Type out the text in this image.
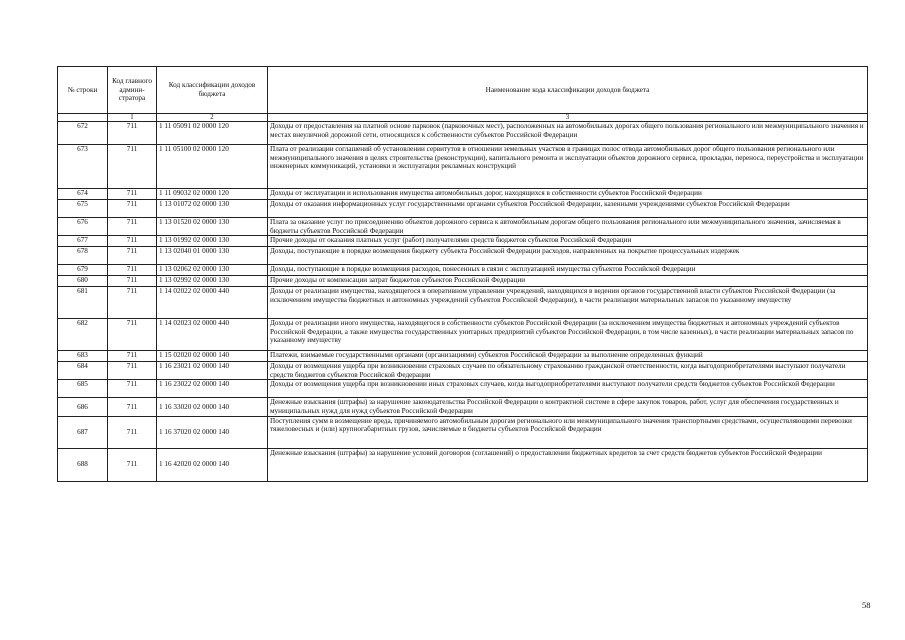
№ строки	Код главного админи-стратора	Код классификации доходов бюджета	Наименование кода классификации доходов бюджета
	1	2	3
672	711	1 11 05091 02 0000 120	Доходы от предоставления на платной основе парковок (парковочных мест), расположенных на автомобильных дорогах общего пользования регионального или межмуниципального значения и местах внеуличной дорожной сети, относящихся к собственности субъектов Российской Федерации
673	711	1 11 05100 02 0000 120	Плата от реализации соглашений об установлении сервитутов в отношении земельных участков в границах полос отвода автомобильных дорог общего пользования регионального или межмуниципального значения в целях строительства (реконструкции), капитального ремонта и эксплуатации объектов дорожного сервиса, прокладки, переноса, переустройства и эксплуатации инженерных коммуникаций, установки и эксплуатации рекламных конструкций
674	711	1 11 09032 02 0000 120	Доходы от эксплуатации и использования имущества автомобильных дорог, находящихся в собственности субъектов Российской Федерации
675	711	1 13 01072 02 0000 130	Доходы от оказания информационных услуг государственными органами субъектов Российской Федерации, казенными учреждениями субъектов Российской Федерации
676	711	1 13 01520 02 0000 130	Плата за оказание услуг по присоединению объектов дорожного сервиса к автомобильным дорогам общего пользования регионального или межмуниципального значения, зачисляемая в бюджеты субъектов Российской Федерации
677	711	1 13 01992 02 0000 130	Прочие доходы от оказания платных услуг (работ) получателями средств бюджетов субъектов Российской Федерации
678	711	1 13 02040 01 0000 130	Доходы, поступающие в порядке возмещения бюджету субъекта Российской Федерации расходов, направленных на покрытие процессуальных издержек
679	711	1 13 02062 02 0000 130	Доходы, поступающие в порядке возмещения расходов, понесенных в связи с эксплуатацией имущества субъектов Российской Федерации
680	711	1 13 02992 02 0000 130	Прочие доходы от компенсации затрат бюджетов субъектов Российской Федерации
681	711	1 14 02022 02 0000 440	Доходы от реализации имущества, находящегося в оперативном управлении учреждений, находящихся в ведении органов государственной власти субъектов Российской Федерации (за исключением имущества бюджетных и автономных учреждений субъектов Российской Федерации), в части реализации материальных запасов по указанному имуществу
682	711	1 14 02023 02 0000 440	Доходы от реализации иного имущества, находящегося в собственности субъектов Российской Федерации (за исключением имущества бюджетных и автономных учреждений субъектов Российской Федерации, а также имущества государственных унитарных предприятий субъектов Российской Федерации, в том числе казенных), в части реализации материальных запасов по указанному имуществу
683	711	1 15 02020 02 0000 140	Платежи, взимаемые государственными органами (организациями) субъектов Российской Федерации за выполнение определенных функций
684	711	1 16 23021 02 0000 140	Доходы от возмещения ущерба при возникновении страховых случаев по обязательному страхованию гражданской ответственности, когда выгодоприобретателями выступают получатели средств бюджетов субъектов Российской Федерации
685	711	1 16 23022 02 0000 140	Доходы от возмещения ущерба при возникновении иных страховых случаев, когда выгодоприобретателями выступают получатели средств бюджетов субъектов Российской Федерации
686	711	1 16 33020 02 0000 140	Денежные взыскания (штрафы) за нарушение законодательства Российской Федерации о контрактной системе в сфере закупок товаров, работ, услуг для обеспечения государственных и муниципальных нужд для нужд субъектов Российской Федерации
687	711	1 16 37020 02 0000 140	Поступления сумм в возмещение вреда, причиняемого автомобильным дорогам регионального или межмуниципального значения транспортными средствами, осуществляющими перевозки тяжеловесных и (или) крупногабаритных грузов, зачисляемые в бюджеты субъектов Российской Федерации
688	711	1 16 42020 02 0000 140	Денежные взыскания (штрафы) за нарушение условий договоров (соглашений) о предоставлении бюджетных кредитов за счет средств бюджетов субъектов Российской Федерации
58
